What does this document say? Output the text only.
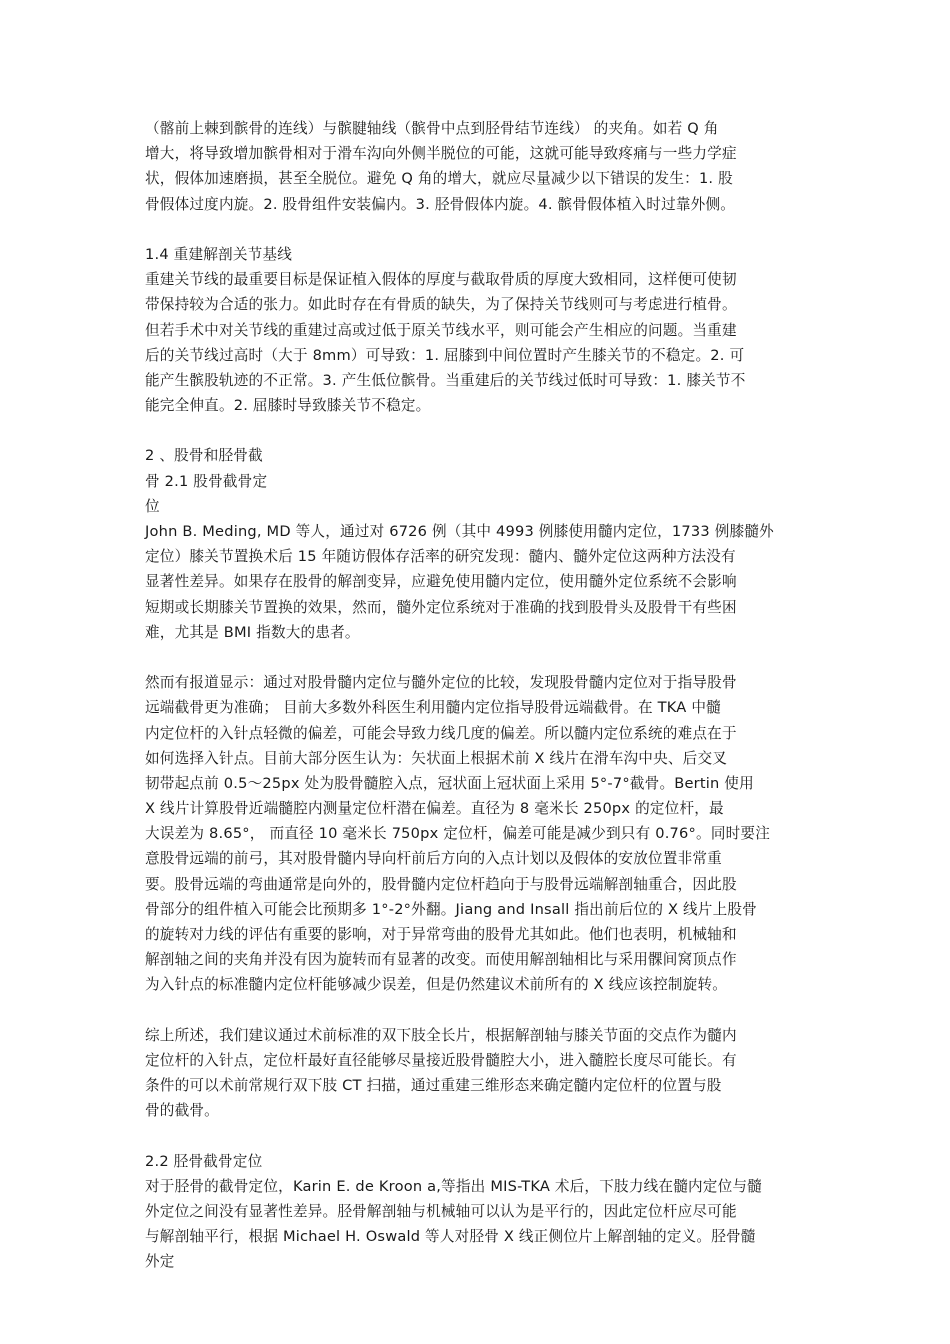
（髂前上棘到髌骨的连线）与髌腱轴线（髌骨中点到胫骨结节连线） 的夹角。如若 Q 角
增大，将导致增加髌骨相对于滑车沟向外侧半脱位的可能，这就可能导致疼痛与一些力学症
状，假体加速磨损，甚至全脱位。避免 Q 角的增大，就应尽量减少以下错误的发生：1. 股
骨假体过度内旋。2. 股骨组件安装偏内。3. 胫骨假体内旋。4. 髌骨假体植入时过靠外侧。
1.4 重建解剖关节基线
重建关节线的最重要目标是保证植入假体的厚度与截取骨质的厚度大致相同，这样便可使韧
带保持较为合适的张力。如此时存在有骨质的缺失，为了保持关节线则可与考虑进行植骨。
但若手术中对关节线的重建过高或过低于原关节线水平，则可能会产生相应的问题。当重建
后的关节线过高时（大于 8mm）可导致：1. 屈膝到中间位置时产生膝关节的不稳定。2. 可
能产生髌股轨迹的不正常。3. 产生低位髌骨。当重建后的关节线过低时可导致：1. 膝关节不
能完全伸直。2. 屈膝时导致膝关节不稳定。
2 、股骨和胫骨截
骨 2.1 股骨截骨定
位
John B. Meding, MD 等人，通过对 6726 例（其中 4993 例膝使用髓内定位，1733 例膝髓外
定位）膝关节置换术后 15 年随访假体存活率的研究发现：髓内、髓外定位这两种方法没有
显著性差异。如果存在股骨的解剖变异，应避免使用髓内定位，使用髓外定位系统不会影响
短期或长期膝关节置换的效果，然而，髓外定位系统对于准确的找到股骨头及股骨干有些困
难，尤其是 BMI 指数大的患者。
然而有报道显示：通过对股骨髓内定位与髓外定位的比较，发现股骨髓内定位对于指导股骨
远端截骨更为准确； 目前大多数外科医生利用髓内定位指导股骨远端截骨。在 TKA 中髓
内定位杆的入针点轻微的偏差，可能会导致力线几度的偏差。所以髓内定位系统的难点在于
如何选择入针点。目前大部分医生认为：矢状面上根据术前 X 线片在滑车沟中央、后交叉
韧带起点前 0.5～25px 处为股骨髓腔入点，冠状面上冠状面上采用 5°-7°截骨。Bertin 使用
X 线片计算股骨近端髓腔内测量定位杆潜在偏差。直径为 8 毫米长 250px 的定位杆，最
大误差为 8.65°， 而直径 10 毫米长 750px 定位杆，偏差可能是减少到只有 0.76°。同时要注
意股骨远端的前弓，其对股骨髓内导向杆前后方向的入点计划以及假体的安放位置非常重
要。股骨远端的弯曲通常是向外的，股骨髓内定位杆趋向于与股骨远端解剖轴重合，因此股
骨部分的组件植入可能会比预期多 1°-2°外翻。Jiang and Insall 指出前后位的 X 线片上股骨
的旋转对力线的评估有重要的影响，对于异常弯曲的股骨尤其如此。他们也表明，机械轴和
解剖轴之间的夹角并没有因为旋转而有显著的改变。而使用解剖轴相比与采用髁间窝顶点作
为入针点的标准髓内定位杆能够减少误差，但是仍然建议术前所有的 X 线应该控制旋转。
综上所述，我们建议通过术前标准的双下肢全长片，根据解剖轴与膝关节面的交点作为髓内
定位杆的入针点，定位杆最好直径能够尽量接近股骨髓腔大小，进入髓腔长度尽可能长。有
条件的可以术前常规行双下肢 CT 扫描，通过重建三维形态来确定髓内定位杆的位置与股
骨的截骨。
2.2 胫骨截骨定位
对于胫骨的截骨定位，Karin E. de Kroon a,等指出 MIS-TKA 术后，下肢力线在髓内定位与髓
外定位之间没有显著性差异。胫骨解剖轴与机械轴可以认为是平行的，因此定位杆应尽可能
与解剖轴平行，根据 Michael H. Oswald 等人对胫骨 X 线正侧位片上解剖轴的定义。胫骨髓
外定
